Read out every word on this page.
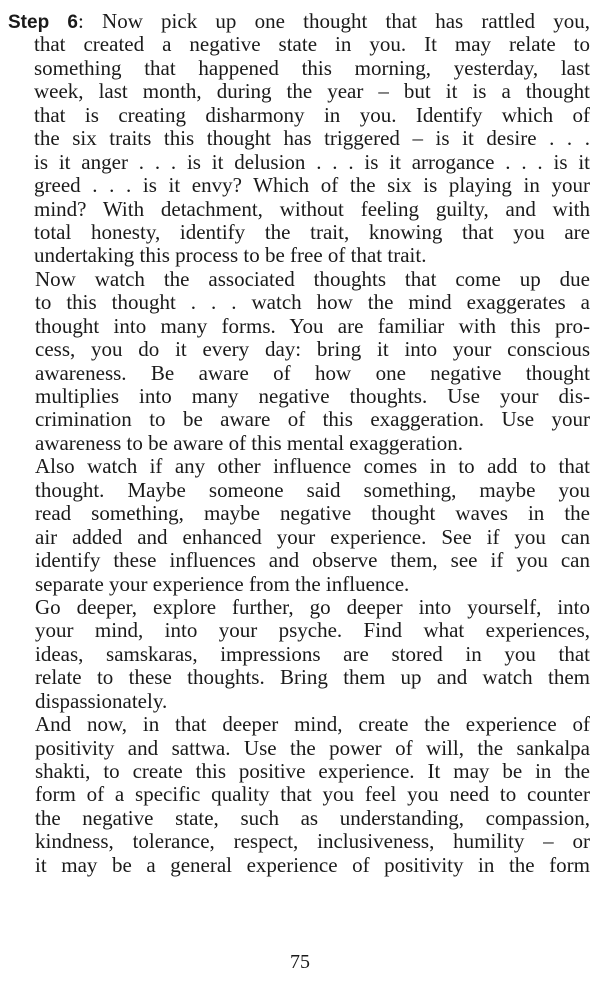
Step 6: Now pick up one thought that has rattled you,
that created a negative state in you. It may relate to
something that happened this morning, yesterday, last
week, last month, during the year – but it is a thought
that is creating disharmony in you. Identify which of
the six traits this thought has triggered – is it desire . . .
is it anger . . . is it delusion . . . is it arrogance . . . is it
greed . . . is it envy? Which of the six is playing in your
mind? With detachment, without feeling guilty, and with
total honesty, identify the trait, knowing that you are
undertaking this process to be free of that trait.
Now watch the associated thoughts that come up due
to this thought . . . watch how the mind exaggerates a
thought into many forms. You are familiar with this pro-
cess, you do it every day: bring it into your conscious
awareness. Be aware of how one negative thought
multiplies into many negative thoughts. Use your dis-
crimination to be aware of this exaggeration. Use your
awareness to be aware of this mental exaggeration.
Also watch if any other influence comes in to add to that
thought. Maybe someone said something, maybe you
read something, maybe negative thought waves in the
air added and enhanced your experience. See if you can
identify these influences and observe them, see if you can
separate your experience from the influence.
Go deeper, explore further, go deeper into yourself, into
your mind, into your psyche. Find what experiences,
ideas, samskaras, impressions are stored in you that
relate to these thoughts. Bring them up and watch them
dispassionately.
And now, in that deeper mind, create the experience of
positivity and sattwa. Use the power of will, the sankalpa
shakti, to create this positive experience. It may be in the
form of a specific quality that you feel you need to counter
the negative state, such as understanding, compassion,
kindness, tolerance, respect, inclusiveness, humility – or
it may be a general experience of positivity in the form
75
